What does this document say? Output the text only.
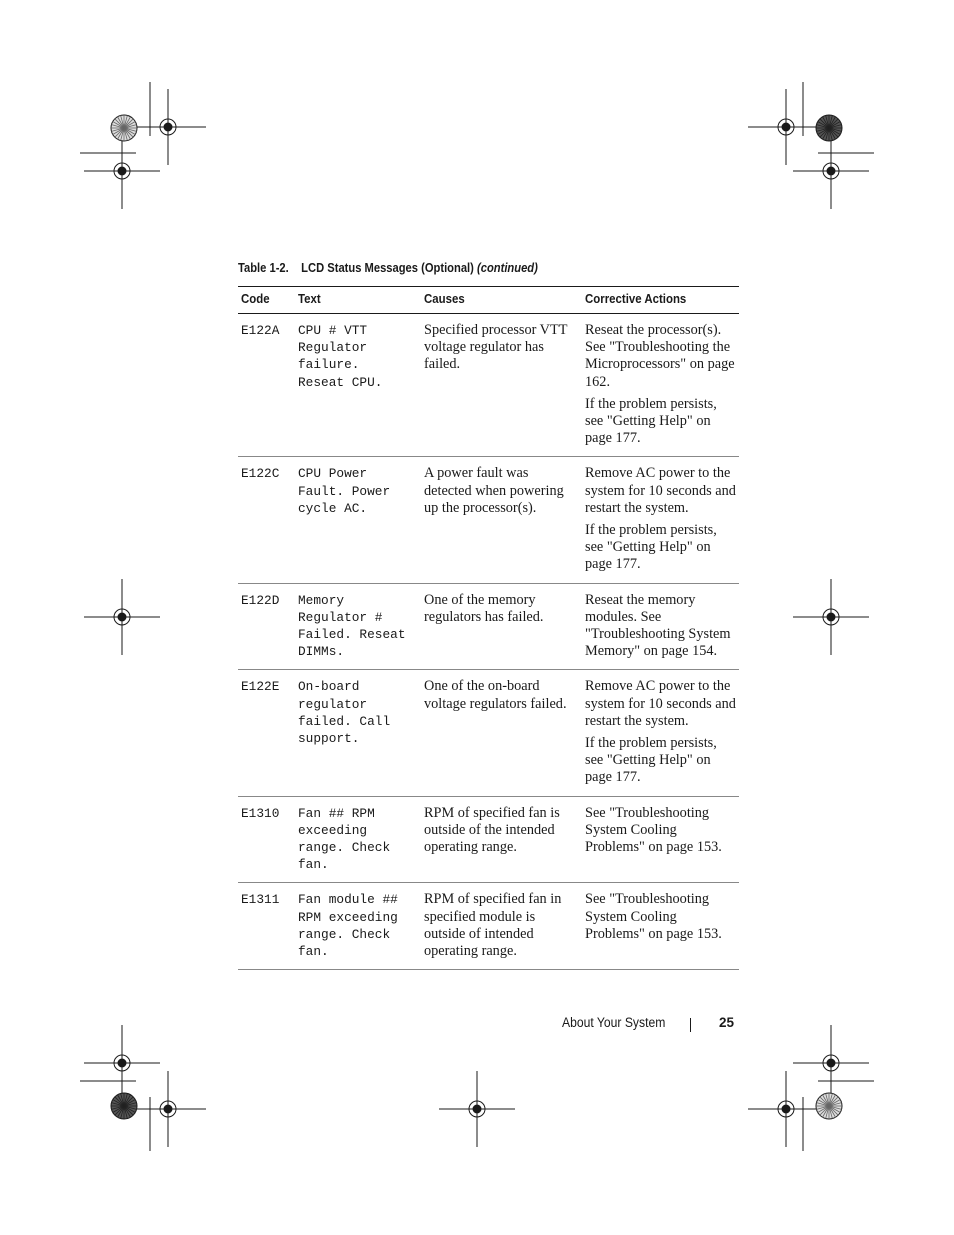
Table 1-2. LCD Status Messages (Optional) (continued)
Code	Text	Causes	Corrective Actions
E122A	CPU # VTT
Regulator
failure.
Reseat CPU.	Specified processor VTT voltage regulator has failed.	Reseat the processor(s). See "Troubleshooting the Microprocessors" on page 162.
If the problem persists, see "Getting Help" on page 177.

E122C	CPU Power
Fault. Power
cycle AC.	A power fault was detected when powering up the processor(s).	Remove AC power to the system for 10 seconds and restart the system.
If the problem persists, see "Getting Help" on page 177.

E122D	Memory
Regulator #
Failed. Reseat
DIMMs.	One of the memory regulators has failed.	Reseat the memory modules. See "Troubleshooting System Memory" on page 154.

E122E	On-board
regulator
failed. Call
support.	One of the on-board voltage regulators failed.	Remove AC power to the system for 10 seconds and restart the system.
If the problem persists, see "Getting Help" on page 177.

E1310	Fan ## RPM
exceeding
range. Check
fan.	RPM of specified fan is outside of the intended operating range.	See "Troubleshooting System Cooling Problems" on page 153.

E1311	Fan module ##
RPM exceeding
range. Check
fan.	RPM of specified fan in specified module is outside of intended operating range.	See "Troubleshooting System Cooling Problems" on page 153.
About Your System	25
